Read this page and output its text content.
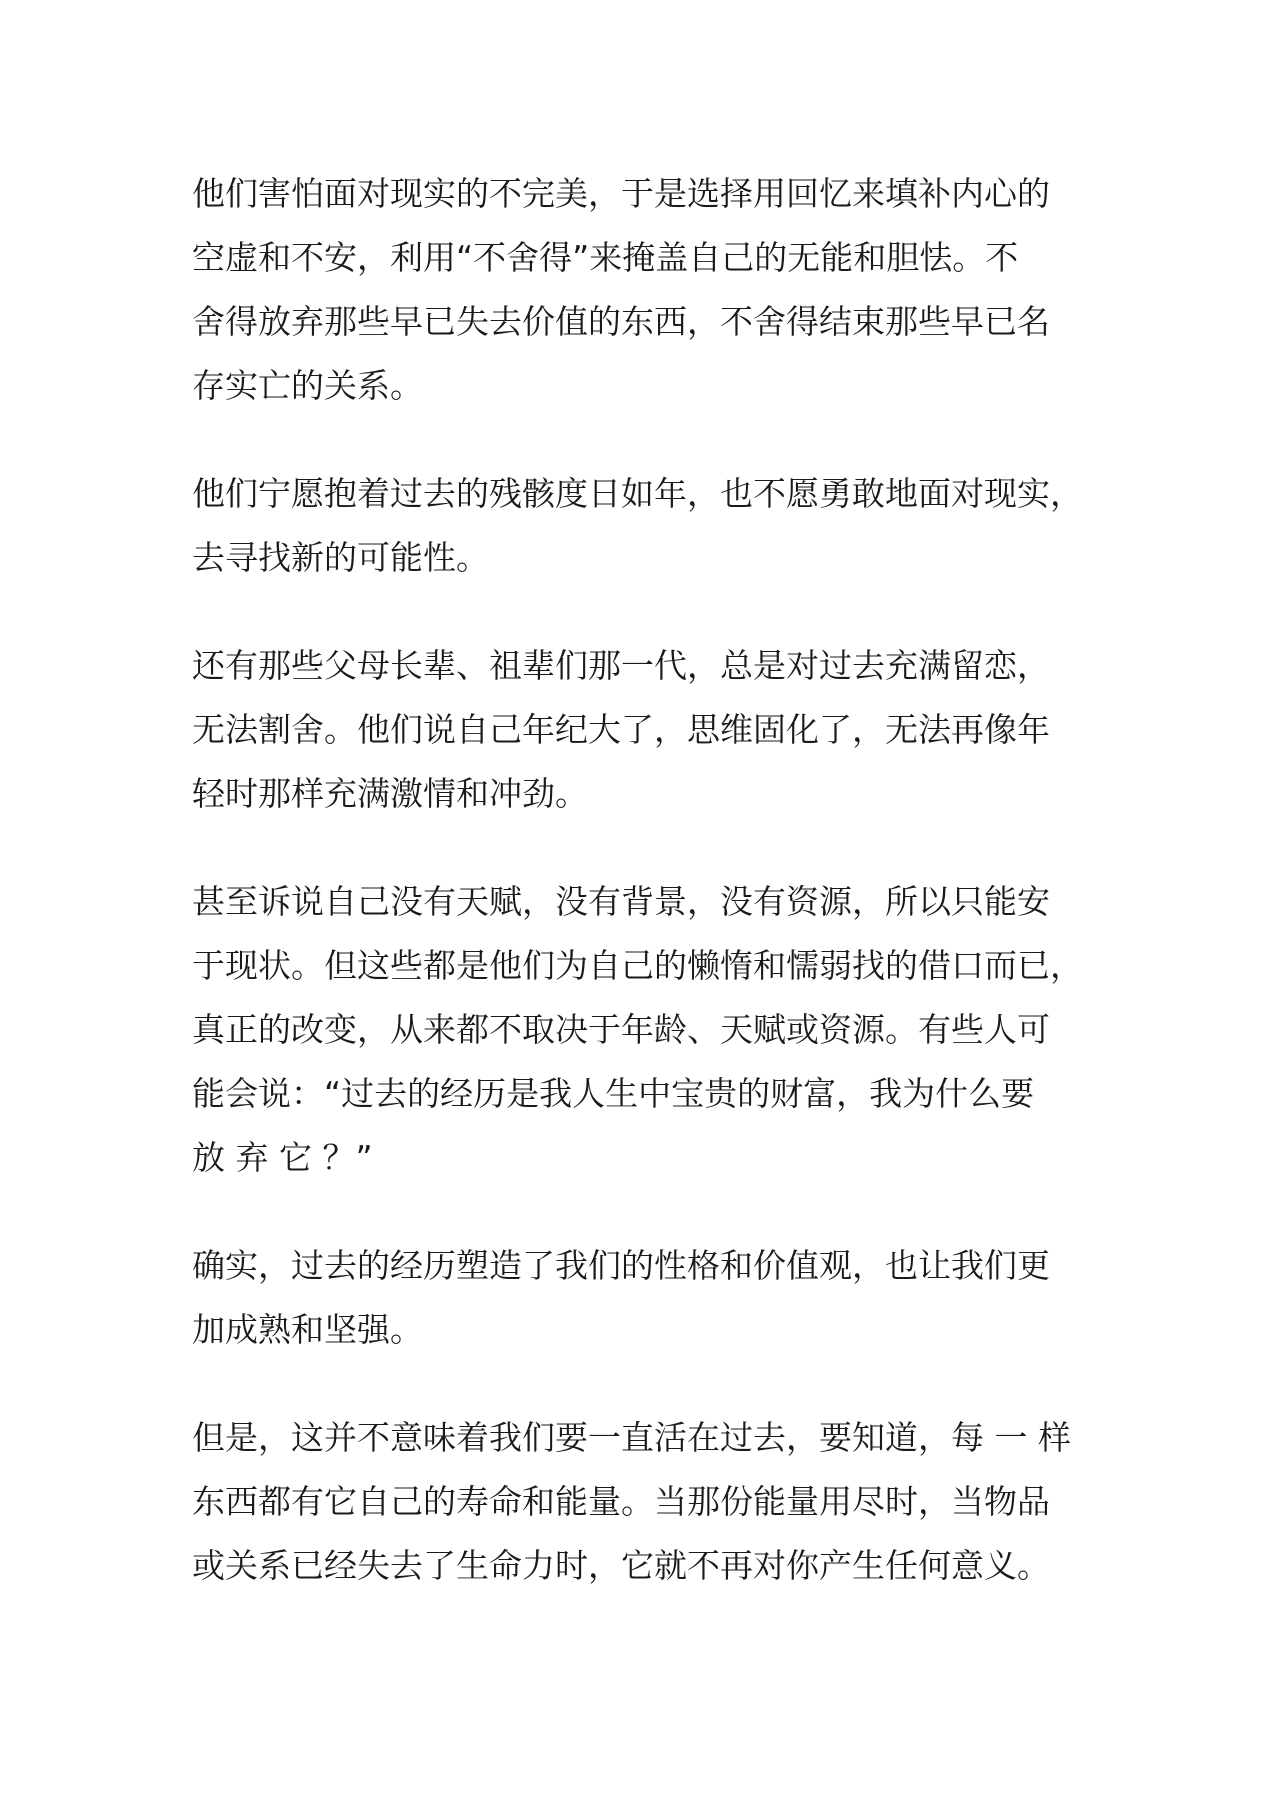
他们害怕面对现实的不完美，于是选择用回忆来填补内心的
空虚和不安，利用“不舍得”来掩盖自己的无能和胆怯。不
舍得放弃那些早已失去价值的东西，不舍得结束那些早已名
存实亡的关系。

他们宁愿抱着过去的残骸度日如年，也不愿勇敢地面对现实，
去寻找新的可能性。

还有那些父母长辈、祖辈们那一代，总是对过去充满留恋，
无法割舍。他们说自己年纪大了，思维固化了，无法再像年
轻时那样充满激情和冲劲。

甚至诉说自己没有天赋，没有背景，没有资源，所以只能安
于现状。但这些都是他们为自己的懒惰和懦弱找的借口而已，
真正的改变，从来都不取决于年龄、天赋或资源。有些人可
能会说：“过去的经历是我人生中宝贵的财富，我为什么要
放 弃 它 ？”

确实，过去的经历塑造了我们的性格和价值观，也让我们更
加成熟和坚强。

但是，这并不意味着我们要一直活在过去，要知道，每 一 样
东西都有它自己的寿命和能量。当那份能量用尽时，当物品
或关系已经失去了生命力时，它就不再对你产生任何意义。
